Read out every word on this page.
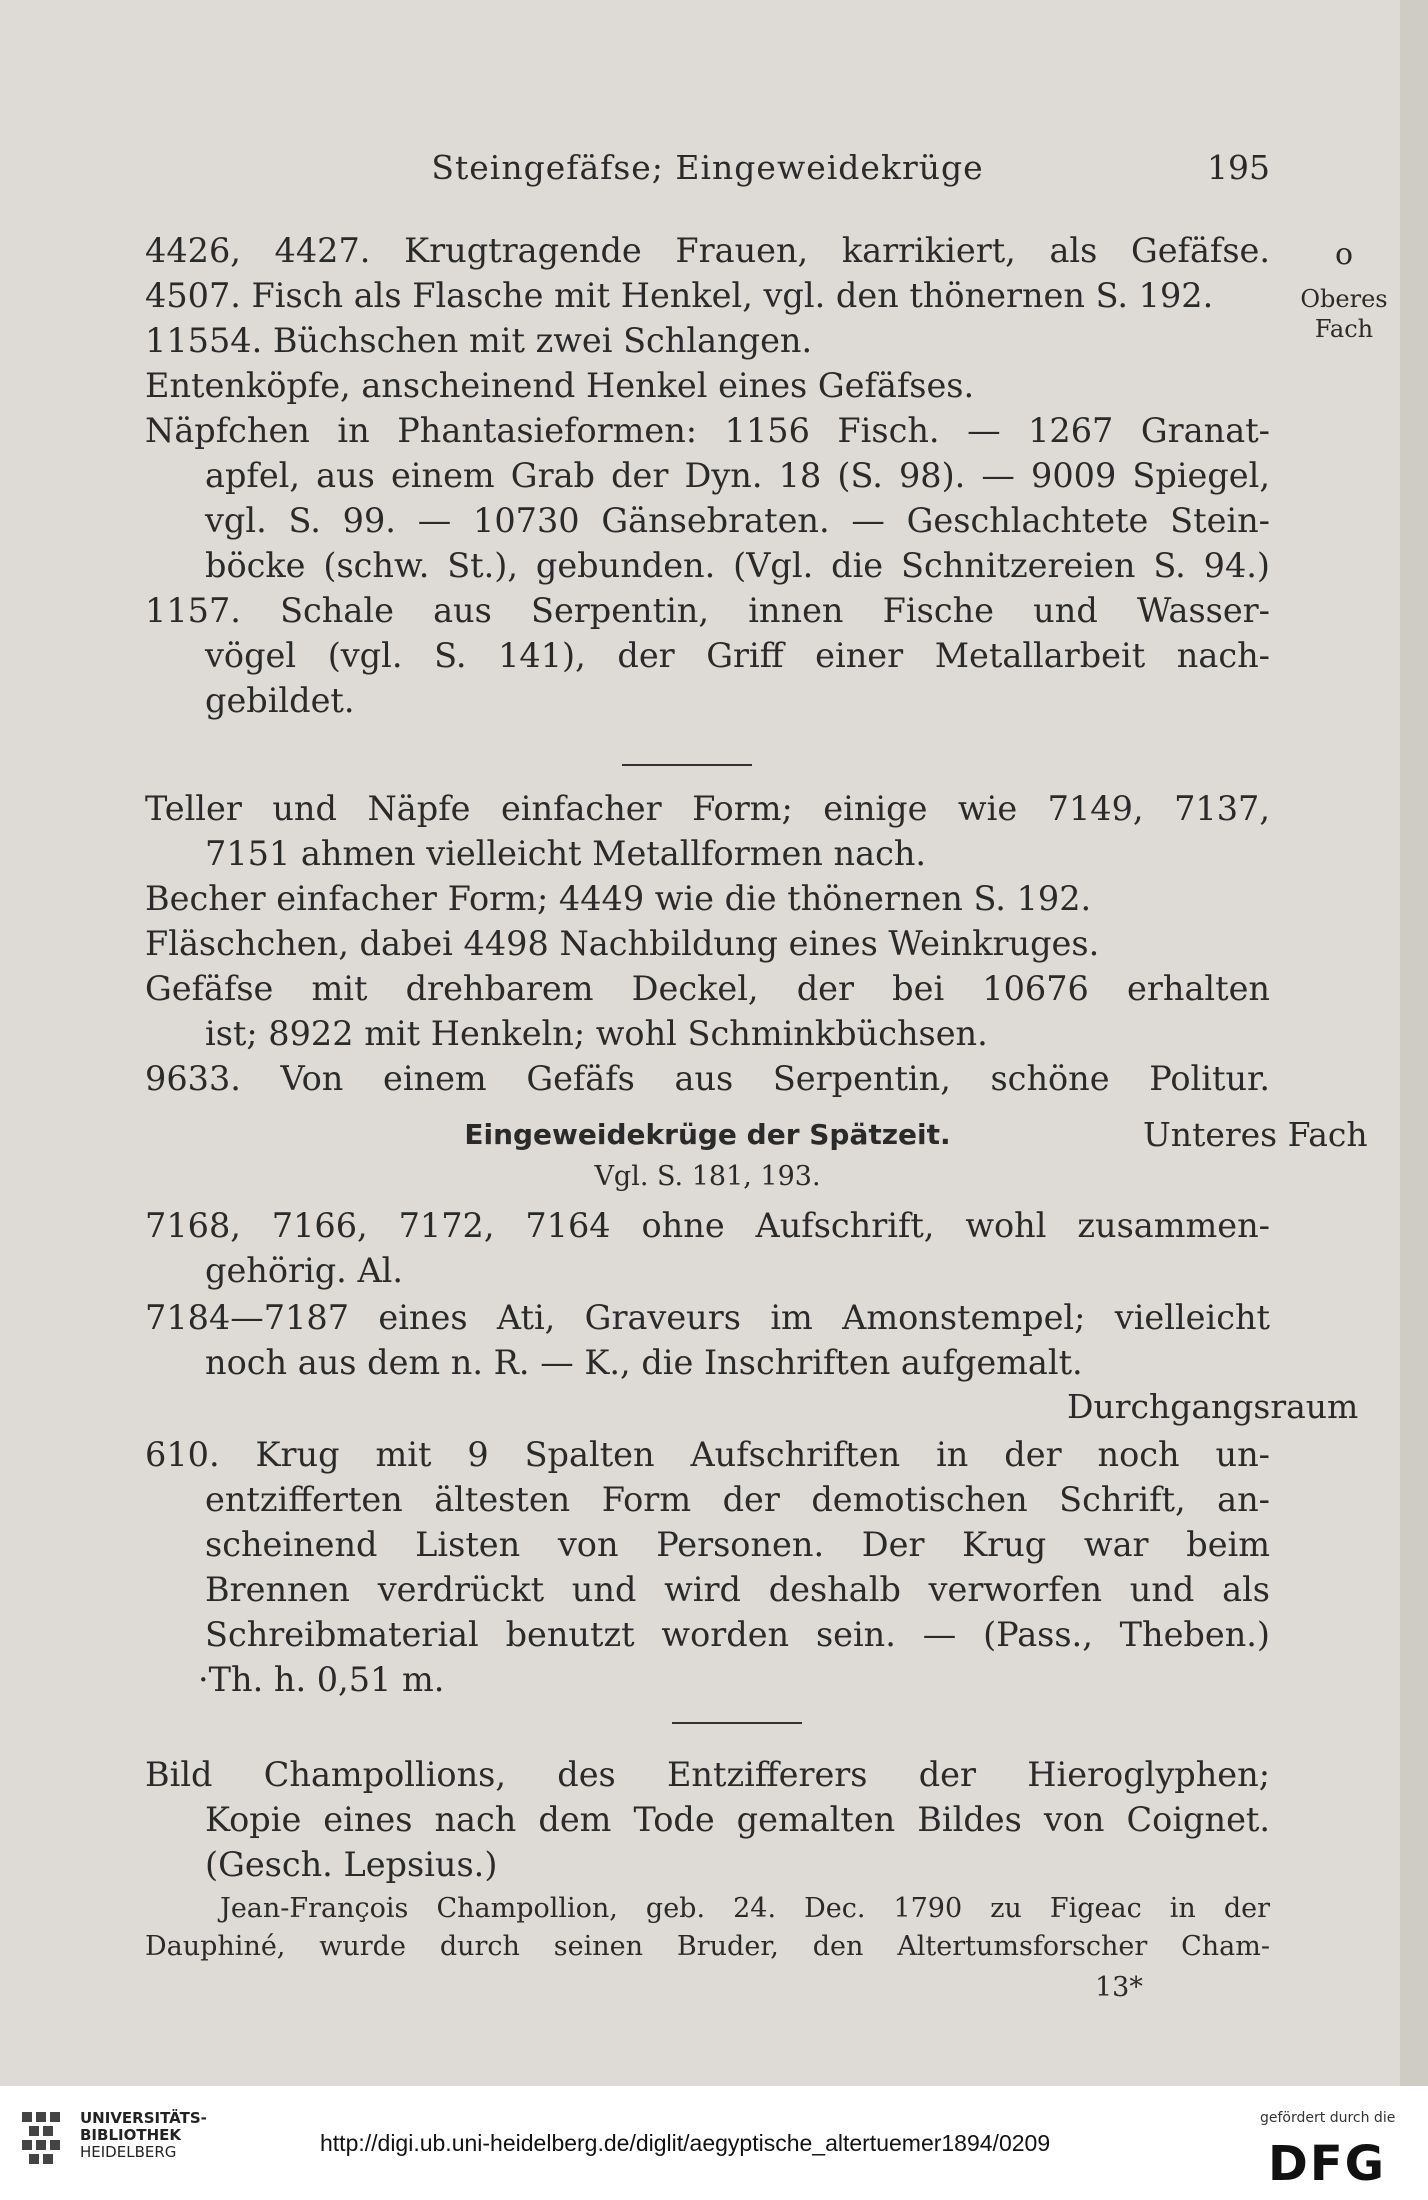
Steingefäfse; Eingeweidekrüge	195
o
Oberes
Fach
4426, 4427. Krugtragende Frauen, karrikiert, als Gefäfse.
4507. Fisch als Flasche mit Henkel, vgl. den thönernen S. 192.
11554. Büchschen mit zwei Schlangen.
Entenköpfe, anscheinend Henkel eines Gefäfses.
Näpfchen in Phantasieformen: 1156 Fisch. — 1267 Granat-
apfel, aus einem Grab der Dyn. 18 (S. 98). — 9009 Spiegel,
vgl. S. 99. — 10730 Gänsebraten. — Geschlachtete Stein-
böcke (schw. St.), gebunden. (Vgl. die Schnitzereien S. 94.)
1157. Schale aus Serpentin, innen Fische und Wasser-
vögel (vgl. S. 141), der Griff einer Metallarbeit nach-
gebildet.
Teller und Näpfe einfacher Form; einige wie 7149, 7137,
7151 ahmen vielleicht Metallformen nach.
Becher einfacher Form; 4449 wie die thönernen S. 192.
Fläschchen, dabei 4498 Nachbildung eines Weinkruges.
Gefäfse mit drehbarem Deckel, der bei 10676 erhalten
ist; 8922 mit Henkeln; wohl Schminkbüchsen.
9633. Von einem Gefäfs aus Serpentin, schöne Politur.
Eingeweidekrüge der Spätzeit.	Unteres Fach
Vgl. S. 181, 193.
7168, 7166, 7172, 7164 ohne Aufschrift, wohl zusammen-
gehörig. Al.
7184—7187 eines Ati, Graveurs im Amonstempel; vielleicht
noch aus dem n. R. — K., die Inschriften aufgemalt.
Durchgangsraum
610. Krug mit 9 Spalten Aufschriften in der noch un-
entzifferten ältesten Form der demotischen Schrift, an-
scheinend Listen von Personen. Der Krug war beim
Brennen verdrückt und wird deshalb verworfen und als
Schreibmaterial benutzt worden sein. — (Pass., Theben.)
·Th. h. 0,51 m.
Bild Champollions, des Entzifferers der Hieroglyphen;
Kopie eines nach dem Tode gemalten Bildes von Coignet.
(Gesch. Lepsius.)
Jean-François Champollion, geb. 24. Dec. 1790 zu Figeac in der
Dauphiné, wurde durch seinen Bruder, den Altertumsforscher Cham-
13*
UNIVERSITÄTS-
BIBLIOTHEK
HEIDELBERG	http://digi.ub.uni-heidelberg.de/diglit/aegyptische_altertuemer1894/0209
gefördert durch die
DFG
